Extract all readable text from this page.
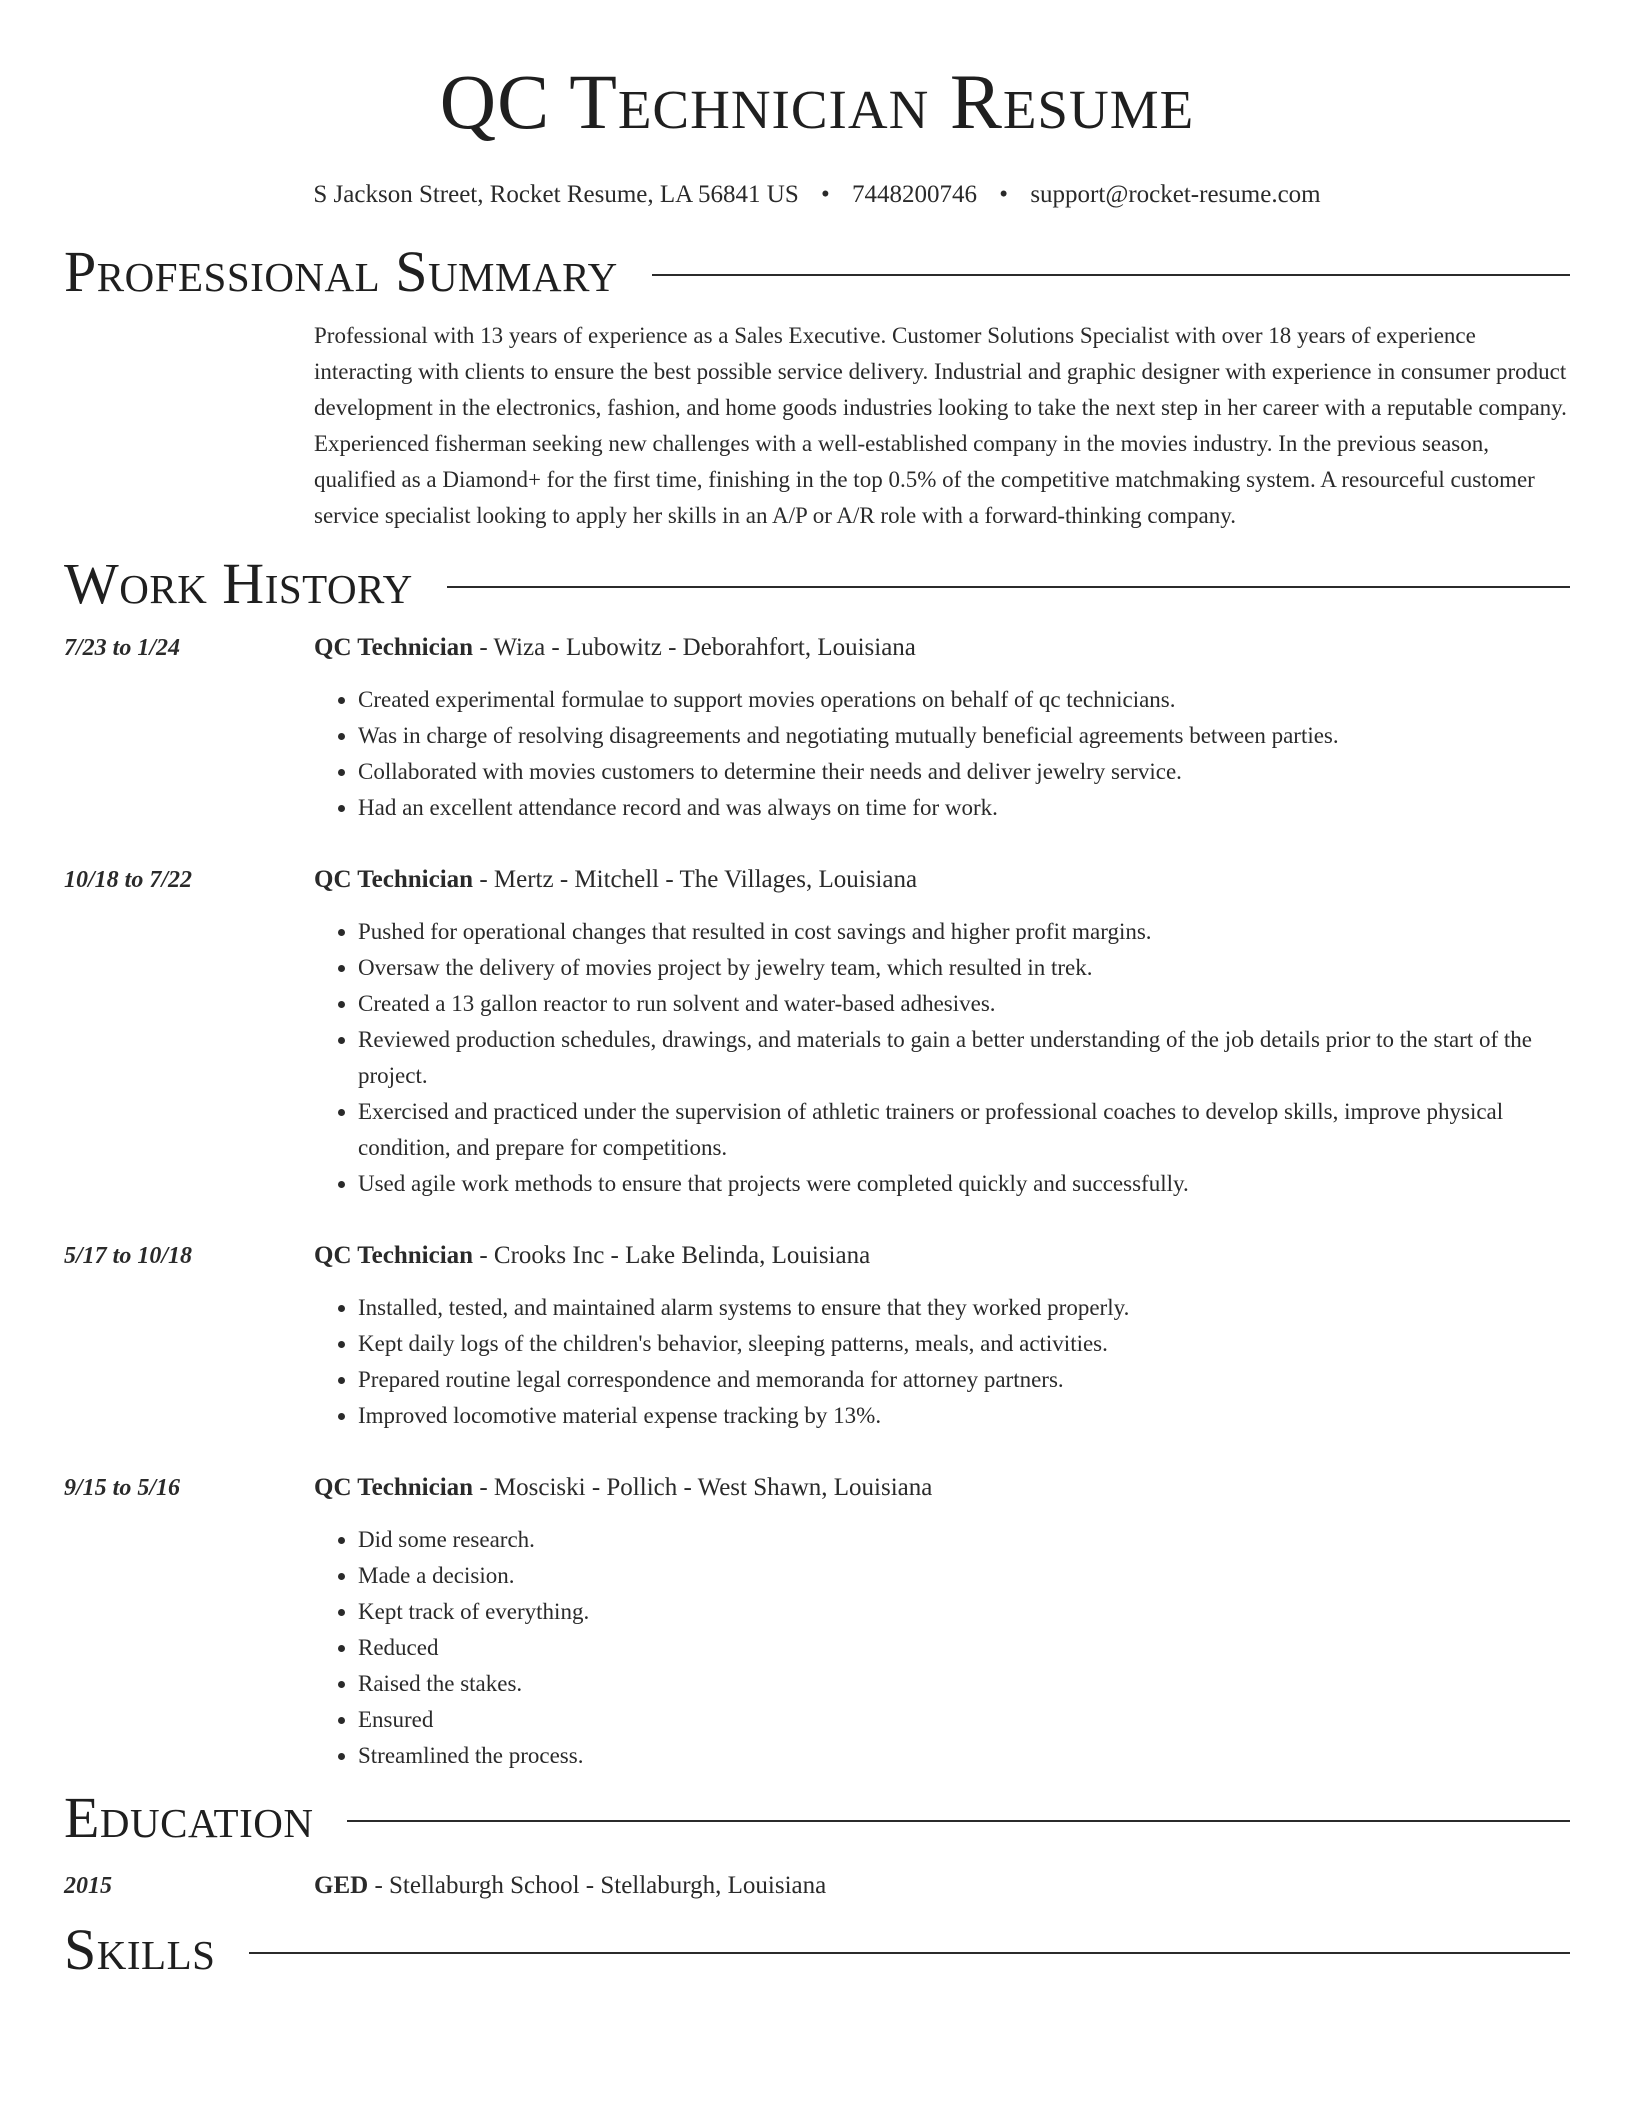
QC Technician Resume
S Jackson Street, Rocket Resume, LA 56841 US • 7448200746 • support@rocket-resume.com
Professional Summary
Professional with 13 years of experience as a Sales Executive. Customer Solutions Specialist with over 18 years of experience interacting with clients to ensure the best possible service delivery. Industrial and graphic designer with experience in consumer product development in the electronics, fashion, and home goods industries looking to take the next step in her career with a reputable company. Experienced fisherman seeking new challenges with a well-established company in the movies industry. In the previous season, qualified as a Diamond+ for the first time, finishing in the top 0.5% of the competitive matchmaking system. A resourceful customer service specialist looking to apply her skills in an A/P or A/R role with a forward-thinking company.
Work History
7/23 to 1/24	QC Technician - Wiza - Lubowitz - Deborahfort, Louisiana
• Created experimental formulae to support movies operations on behalf of qc technicians.
• Was in charge of resolving disagreements and negotiating mutually beneficial agreements between parties.
• Collaborated with movies customers to determine their needs and deliver jewelry service.
• Had an excellent attendance record and was always on time for work.
10/18 to 7/22	QC Technician - Mertz - Mitchell - The Villages, Louisiana
• Pushed for operational changes that resulted in cost savings and higher profit margins.
• Oversaw the delivery of movies project by jewelry team, which resulted in trek.
• Created a 13 gallon reactor to run solvent and water-based adhesives.
• Reviewed production schedules, drawings, and materials to gain a better understanding of the job details prior to the start of the project.
• Exercised and practiced under the supervision of athletic trainers or professional coaches to develop skills, improve physical condition, and prepare for competitions.
• Used agile work methods to ensure that projects were completed quickly and successfully.
5/17 to 10/18	QC Technician - Crooks Inc - Lake Belinda, Louisiana
• Installed, tested, and maintained alarm systems to ensure that they worked properly.
• Kept daily logs of the children's behavior, sleeping patterns, meals, and activities.
• Prepared routine legal correspondence and memoranda for attorney partners.
• Improved locomotive material expense tracking by 13%.
9/15 to 5/16	QC Technician - Mosciski - Pollich - West Shawn, Louisiana
• Did some research.
• Made a decision.
• Kept track of everything.
• Reduced
• Raised the stakes.
• Ensured
• Streamlined the process.
Education
2015	GED - Stellaburgh School - Stellaburgh, Louisiana
Skills
